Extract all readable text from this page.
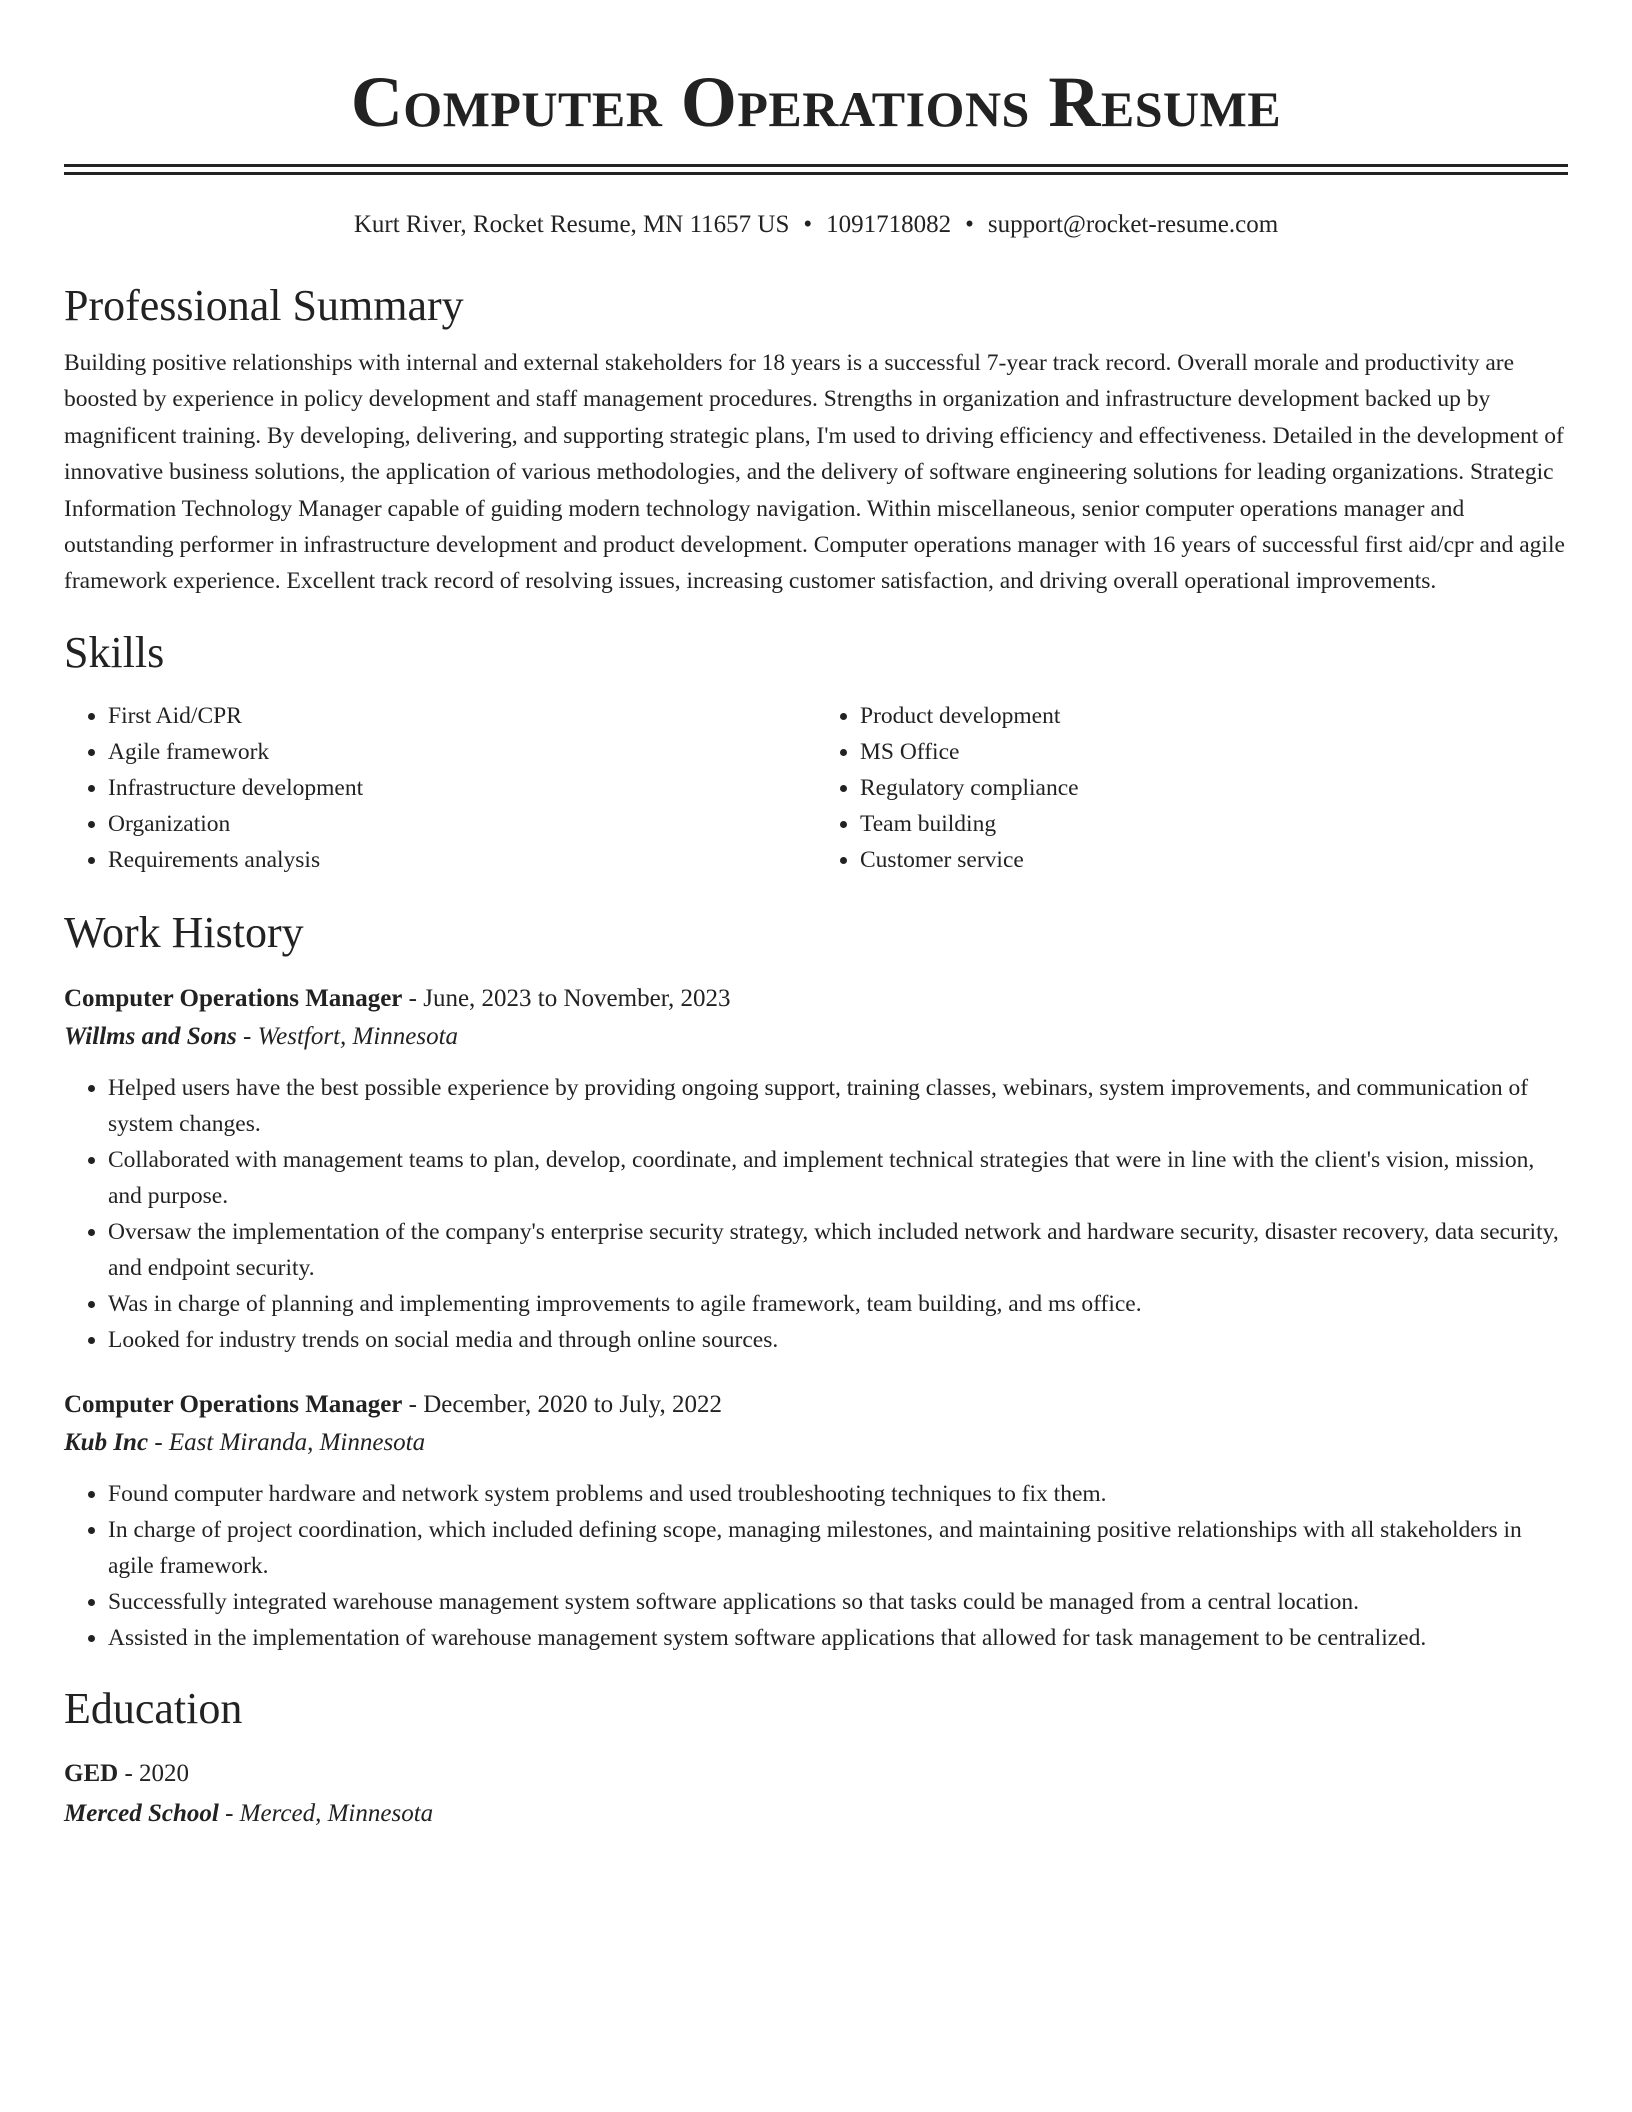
Computer Operations Resume
Kurt River, Rocket Resume, MN 11657 US • 1091718082 • support@rocket-resume.com
Professional Summary

Building positive relationships with internal and external stakeholders for 18 years is a successful 7-year track record. Overall morale and productivity are boosted by experience in policy development and staff management procedures. Strengths in organization and infrastructure development backed up by magnificent training. By developing, delivering, and supporting strategic plans, I'm used to driving efficiency and effectiveness. Detailed in the development of innovative business solutions, the application of various methodologies, and the delivery of software engineering solutions for leading organizations. Strategic Information Technology Manager capable of guiding modern technology navigation. Within miscellaneous, senior computer operations manager and outstanding performer in infrastructure development and product development. Computer operations manager with 16 years of successful first aid/cpr and agile framework experience. Excellent track record of resolving issues, increasing customer satisfaction, and driving overall operational improvements.

Skills
• First Aid/CPR
• Agile framework
• Infrastructure development
• Organization
• Requirements analysis
• Product development
• MS Office
• Regulatory compliance
• Team building
• Customer service
Work History
Computer Operations Manager - June, 2023 to November, 2023
Willms and Sons - Westfort, Minnesota
• Helped users have the best possible experience by providing ongoing support, training classes, webinars, system improvements, and communication of system changes.
• Collaborated with management teams to plan, develop, coordinate, and implement technical strategies that were in line with the client's vision, mission, and purpose.
• Oversaw the implementation of the company's enterprise security strategy, which included network and hardware security, disaster recovery, data security, and endpoint security.
• Was in charge of planning and implementing improvements to agile framework, team building, and ms office.
• Looked for industry trends on social media and through online sources.
Computer Operations Manager - December, 2020 to July, 2022
Kub Inc - East Miranda, Minnesota
• Found computer hardware and network system problems and used troubleshooting techniques to fix them.
• In charge of project coordination, which included defining scope, managing milestones, and maintaining positive relationships with all stakeholders in agile framework.
• Successfully integrated warehouse management system software applications so that tasks could be managed from a central location.
• Assisted in the implementation of warehouse management system software applications that allowed for task management to be centralized.
Education
GED - 2020
Merced School - Merced, Minnesota
